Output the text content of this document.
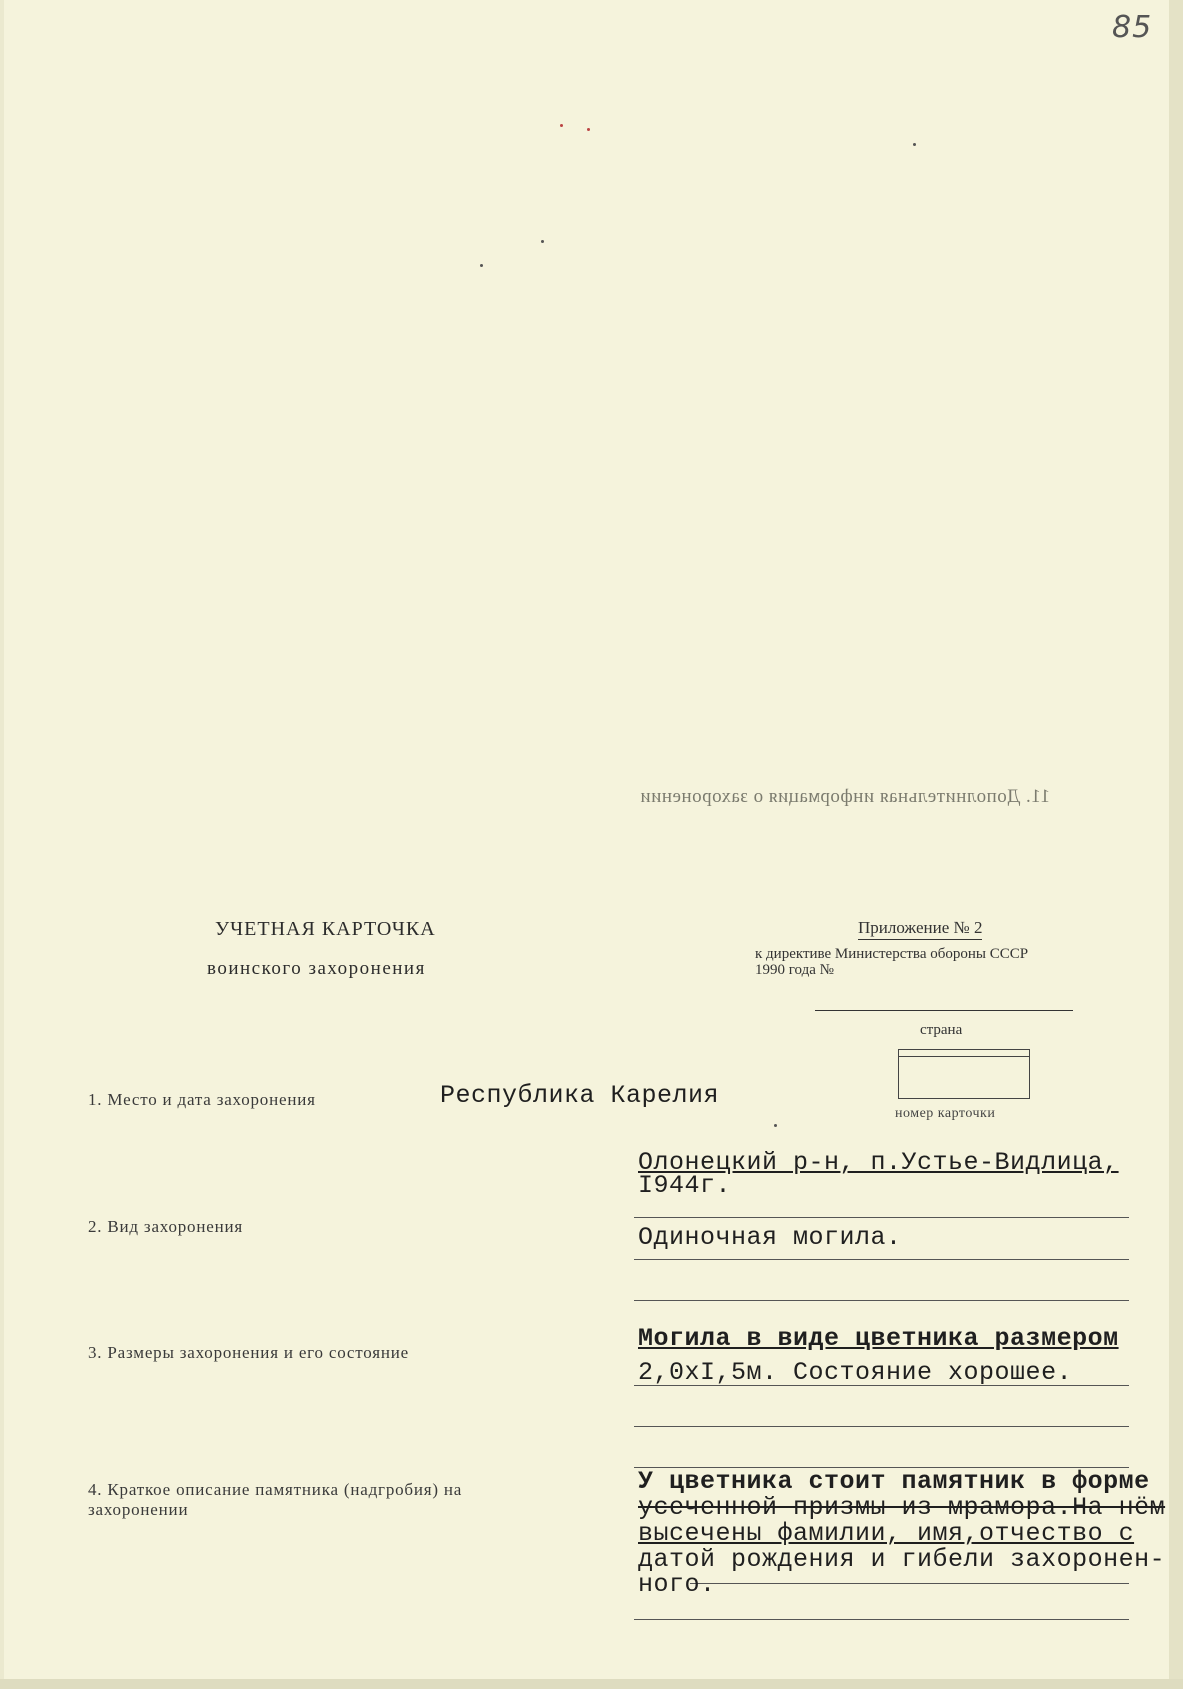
85
11. Дополнительная информация о захоронении
УЧЕТНАЯ КАРТОЧКА
воинского захоронения
Приложение № 2
к директиве Министерства обороны СССР
1990 года №
страна
номер карточки
1. Место и дата захоронения	Республика Карелия
Олонецкий р-н, п.Устье-Видлица,
I944г.
2. Вид захоронения	Одиночная могила.
3. Размеры захоронения и его состояние	Могила в виде цветника размером
2,0xI,5м. Состояние хорошее.
4. Краткое описание памятника (надгробия) на
захоронении
У цветника стоит памятник в форме
усеченной призмы из мрамора.На нём
высечены фамилии, имя,отчество с
датой рождения и гибели захоронен-
ного.
